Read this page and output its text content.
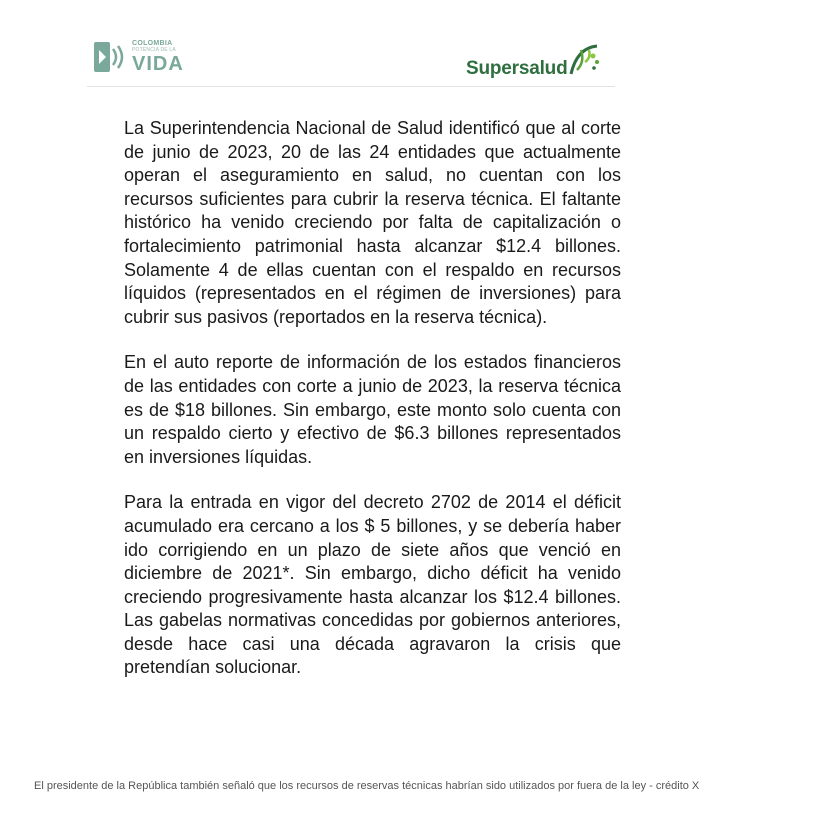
COLOMBIA
POTENCIA DE LA
VIDA	Supersalud

La Superintendencia Nacional de Salud identificó que al corte de junio de 2023, 20 de las 24 entidades que actualmente operan el aseguramiento en salud, no cuentan con los recursos suficientes para cubrir la reserva técnica. El faltante histórico ha venido creciendo por falta de capitalización o fortalecimiento patrimonial hasta alcanzar $12.4 billones. Solamente 4 de ellas cuentan con el respaldo en recursos líquidos (representados en el régimen de inversiones) para cubrir sus pasivos (reportados en la reserva técnica).

En el auto reporte de información de los estados financieros de las entidades con corte a junio de 2023, la reserva técnica es de $18 billones. Sin embargo, este monto solo cuenta con un respaldo cierto y efectivo de $6.3 billones representados en inversiones líquidas.

Para la entrada en vigor del decreto 2702 de 2014 el déficit acumulado era cercano a los $ 5 billones, y se debería haber ido corrigiendo en un plazo de siete años que venció en diciembre de 2021*. Sin embargo, dicho déficit ha venido creciendo progresivamente hasta alcanzar los $12.4 billones. Las gabelas normativas concedidas por gobiernos anteriores, desde hace casi una década agravaron la crisis que pretendían solucionar.

El presidente de la República también señaló que los recursos de reservas técnicas habrían sido utilizados por fuera de la ley - crédito X
